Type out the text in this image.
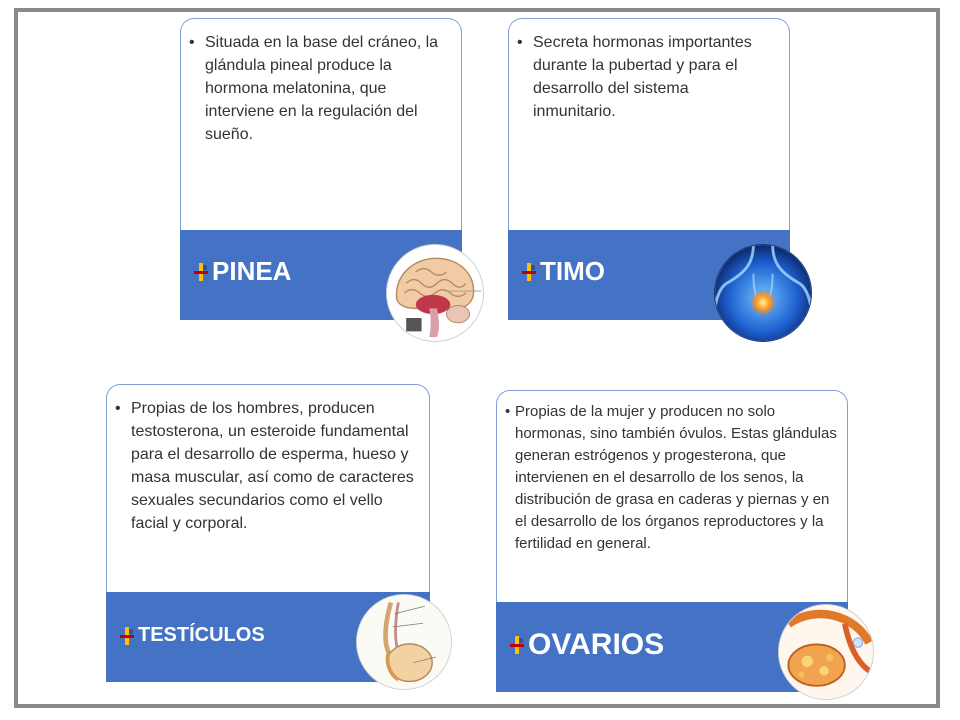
• Situada en la base del cráneo, la glándula pineal produce la hormona melatonina, que interviene en la regulación del sueño.
PINEA
• Secreta hormonas importantes durante la pubertad y para el desarrollo del sistema inmunitario.
TIMO
• Propias de los hombres, producen testosterona, un esteroide fundamental para el desarrollo de esperma, hueso y masa muscular, así como de caracteres sexuales secundarios como el vello facial y corporal.
TESTÍCULOS
• Propias de la mujer y producen no solo hormonas, sino también óvulos. Estas glándulas generan estrógenos y progesterona, que intervienen en el desarrollo de los senos, la distribución de grasa en caderas y piernas y en el desarrollo de los órganos reproductores y la fertilidad en general.
OVARIOS
